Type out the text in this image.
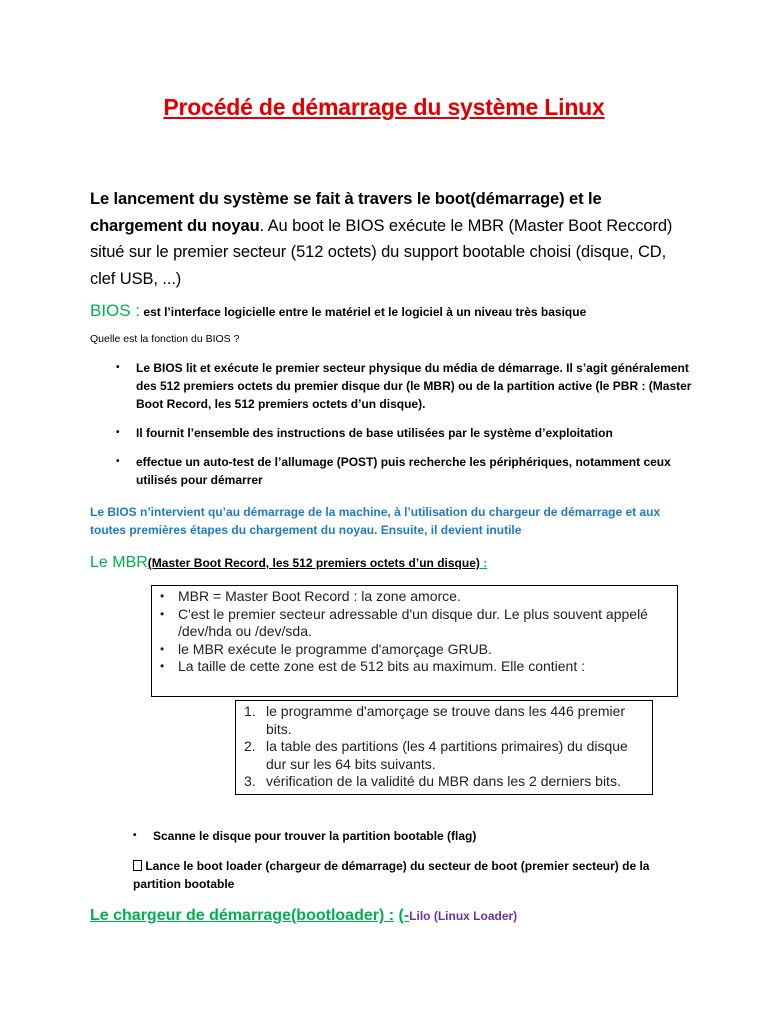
Procédé de démarrage du système Linux
Le lancement du système se fait à travers le boot(démarrage) et le chargement du noyau. Au boot le BIOS exécute le MBR (Master Boot Reccord) situé sur le premier secteur (512 octets) du support bootable choisi (disque, CD, clef USB, ...)
BIOS : est l’interface logicielle entre le matériel et le logiciel à un niveau très basique
Quelle est la fonction du BIOS ?
• Le BIOS lit et exécute le premier secteur physique du média de démarrage. Il s’agit généralement des 512 premiers octets du premier disque dur (le MBR) ou de la partition active (le PBR : (Master Boot Record, les 512 premiers octets d’un disque).
• Il fournit l’ensemble des instructions de base utilisées par le système d’exploitation
• effectue un auto-test de l’allumage (POST) puis recherche les périphériques, notamment ceux utilisés pour démarrer
Le BIOS n’intervient qu’au démarrage de la machine, à l’utilisation du chargeur de démarrage et aux toutes premières étapes du chargement du noyau. Ensuite, il devient inutile
Le MBR(Master Boot Record, les 512 premiers octets d’un disque) :
• MBR = Master Boot Record : la zone amorce.
• C'est le premier secteur adressable d'un disque dur. Le plus souvent appelé /dev/hda ou /dev/sda.
• le MBR exécute le programme d'amorçage GRUB.
• La taille de cette zone est de 512 bits au maximum. Elle contient :
1. le programme d'amorçage se trouve dans les 446 premier bits.
2. la table des partitions (les 4 partitions primaires) du disque dur sur les 64 bits suivants.
3. vérification de la validité du MBR dans les 2 derniers bits.
• Scanne le disque pour trouver la partition bootable (flag)
Lance le boot loader (chargeur de démarrage) du secteur de boot (premier secteur) de la partition bootable
Le chargeur de démarrage(bootloader) : (-Lilo (Linux Loader)
